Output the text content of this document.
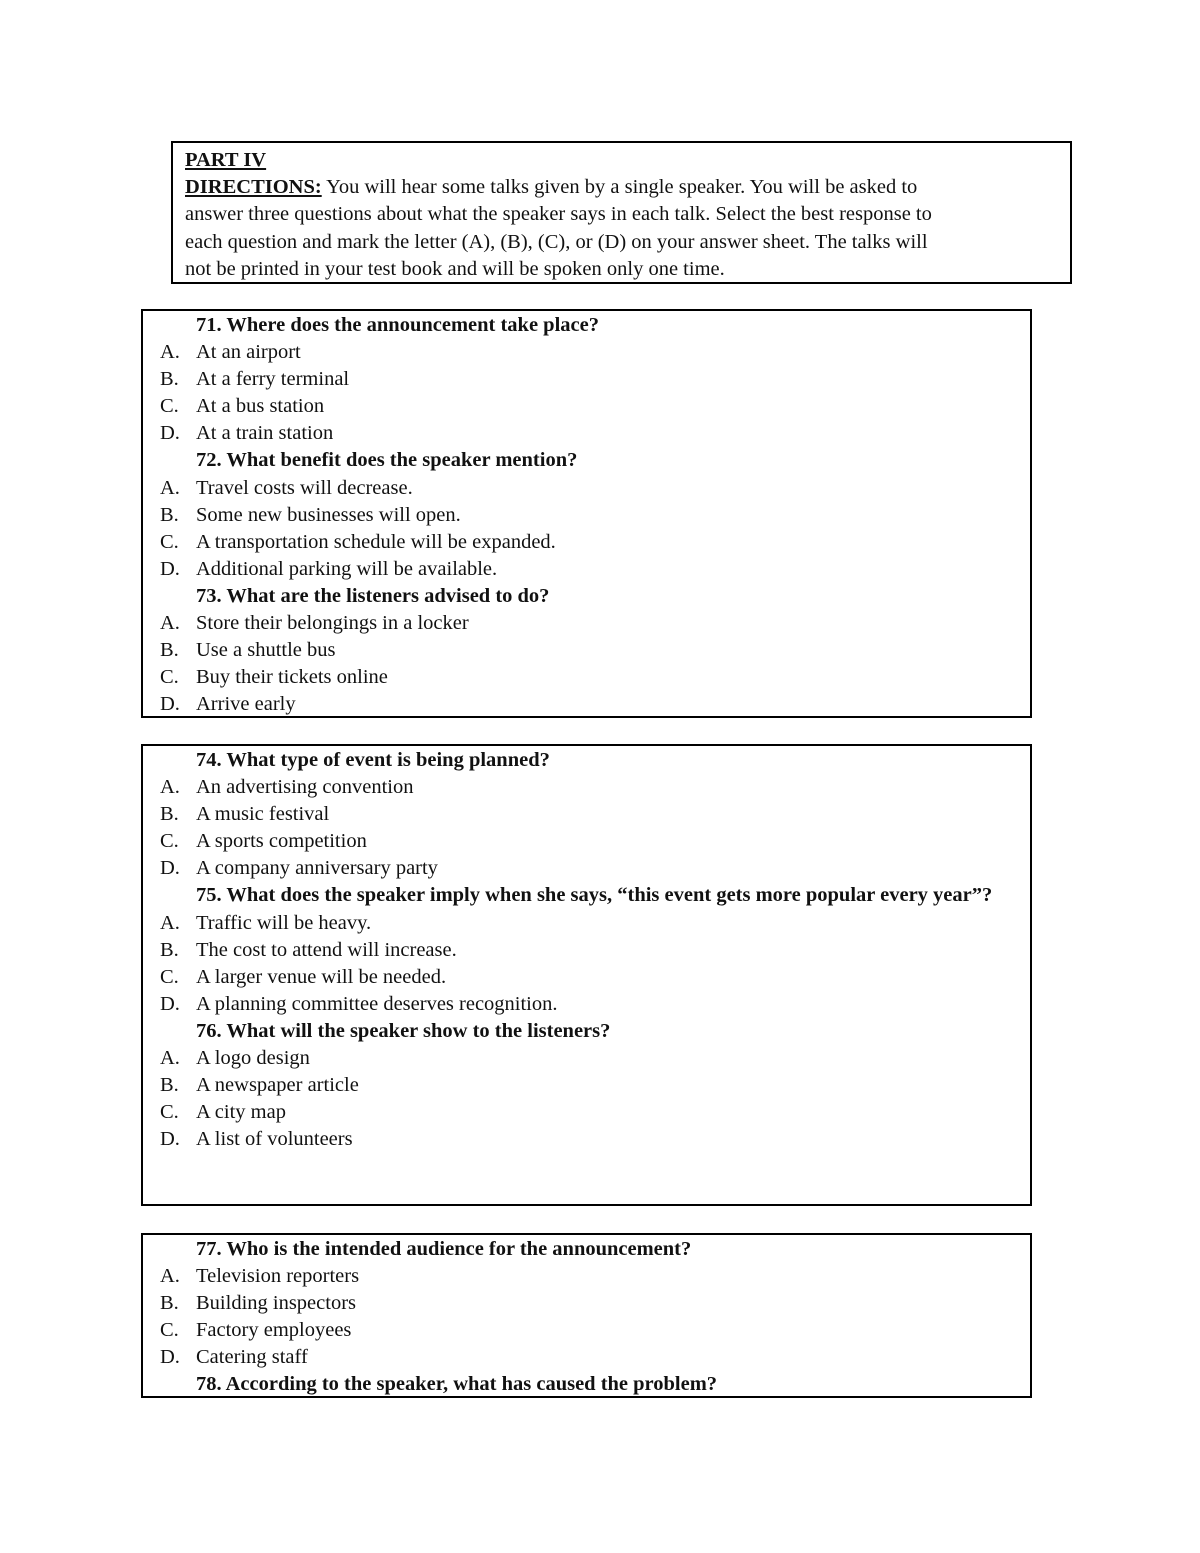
PART IV
DIRECTIONS: You will hear some talks given by a single speaker. You will be asked to
answer three questions about what the speaker says in each talk. Select the best response to
each question and mark the letter (A), (B), (C), or (D) on your answer sheet. The talks will
not be printed in your test book and will be spoken only one time.
71. Where does the announcement take place?
A. At an airport
B. At a ferry terminal
C. At a bus station
D. At a train station
72. What benefit does the speaker mention?
A. Travel costs will decrease.
B. Some new businesses will open.
C. A transportation schedule will be expanded.
D. Additional parking will be available.
73. What are the listeners advised to do?
A. Store their belongings in a locker
B. Use a shuttle bus
C. Buy their tickets online
D. Arrive early
74. What type of event is being planned?
A. An advertising convention
B. A music festival
C. A sports competition
D. A company anniversary party
75. What does the speaker imply when she says, “this event gets more popular every year”?
A. Traffic will be heavy.
B. The cost to attend will increase.
C. A larger venue will be needed.
D. A planning committee deserves recognition.
76. What will the speaker show to the listeners?
A. A logo design
B. A newspaper article
C. A city map
D. A list of volunteers
77. Who is the intended audience for the announcement?
A. Television reporters
B. Building inspectors
C. Factory employees
D. Catering staff
78. According to the speaker, what has caused the problem?
